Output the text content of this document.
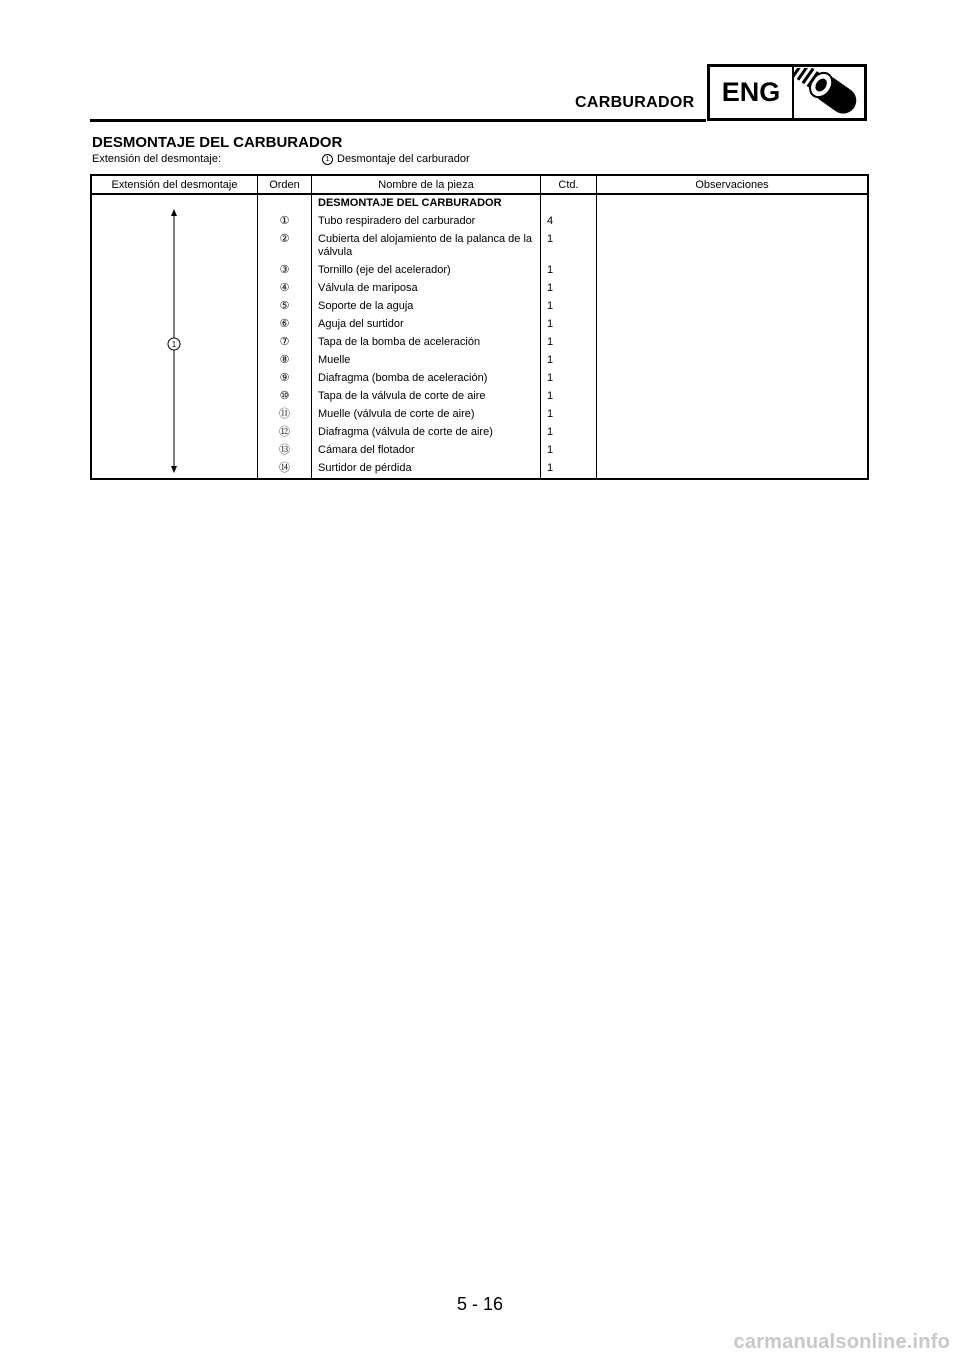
CARBURADOR	ENG
DESMONTAJE DEL CARBURADOR
Extensión del desmontaje:	1 Desmontaje del carburador
Extensión del desmontaje	Orden	Nombre de la pieza	Ctd.	Observaciones

1		DESMONTAJE DEL CARBURADOR		
	①	Tubo respiradero del carburador	4	
	②	Cubierta del alojamiento de la palanca de la válvula	1	
	③	Tornillo (eje del acelerador)	1	
	④	Válvula de mariposa	1	
	⑤	Soporte de la aguja	1	
	⑥	Aguja del surtidor	1	
	⑦	Tapa de la bomba de aceleración	1	
	⑧	Muelle	1	
	⑨	Diafragma (bomba de aceleración)	1	
	⑩	Tapa de la válvula de corte de aire	1	
	⑪	Muelle (válvula de corte de aire)	1	
	⑫	Diafragma (válvula de corte de aire)	1	
	⑬	Cámara del flotador	1	
	⑭	Surtidor de pérdida	1	
5 - 16
carmanualsonline.info
